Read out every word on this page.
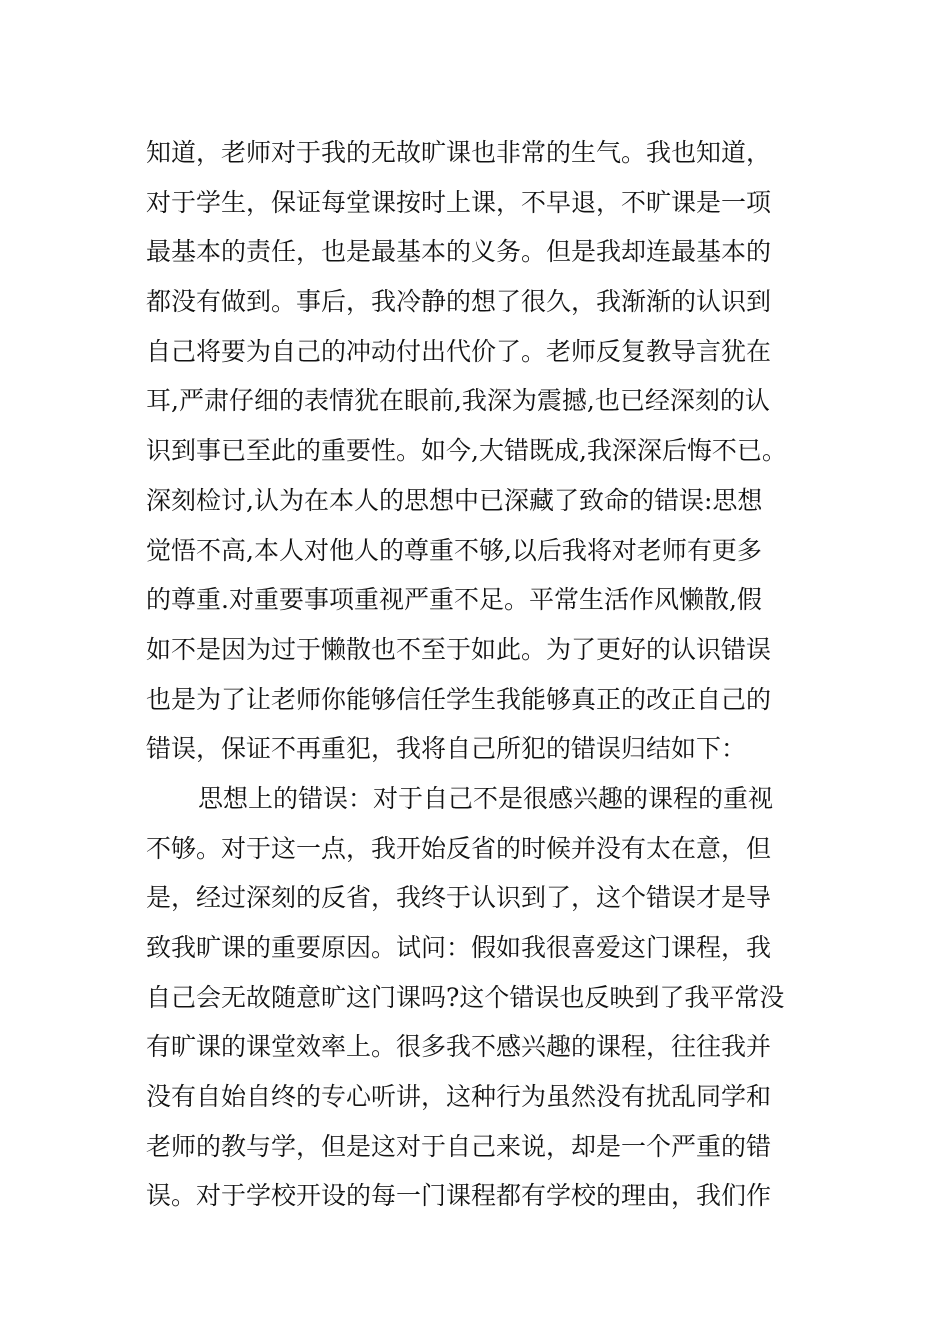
知道，老师对于我的无故旷课也非常的生气。我也知道，
对于学生，保证每堂课按时上课，不早退，不旷课是一项
最基本的责任，也是最基本的义务。但是我却连最基本的
都没有做到。事后，我冷静的想了很久，我渐渐的认识到
自己将要为自己的冲动付出代价了。老师反复教导言犹在
耳,严肃仔细的表情犹在眼前,我深为震撼,也已经深刻的认
识到事已至此的重要性。如今,大错既成,我深深后悔不已。
深刻检讨,认为在本人的思想中已深藏了致命的错误:思想
觉悟不高,本人对他人的尊重不够,以后我将对老师有更多
的尊重.对重要事项重视严重不足。平常生活作风懒散,假
如不是因为过于懒散也不至于如此。为了更好的认识错误
也是为了让老师你能够信任学生我能够真正的改正自己的
错误，保证不再重犯，我将自己所犯的错误归结如下：
思想上的错误：对于自己不是很感兴趣的课程的重视
不够。对于这一点，我开始反省的时候并没有太在意，但
是，经过深刻的反省，我终于认识到了，这个错误才是导
致我旷课的重要原因。试问：假如我很喜爱这门课程，我
自己会无故随意旷这门课吗?这个错误也反映到了我平常没
有旷课的课堂效率上。很多我不感兴趣的课程，往往我并
没有自始自终的专心听讲，这种行为虽然没有扰乱同学和
老师的教与学，但是这对于自己来说，却是一个严重的错
误。对于学校开设的每一门课程都有学校的理由，我们作
